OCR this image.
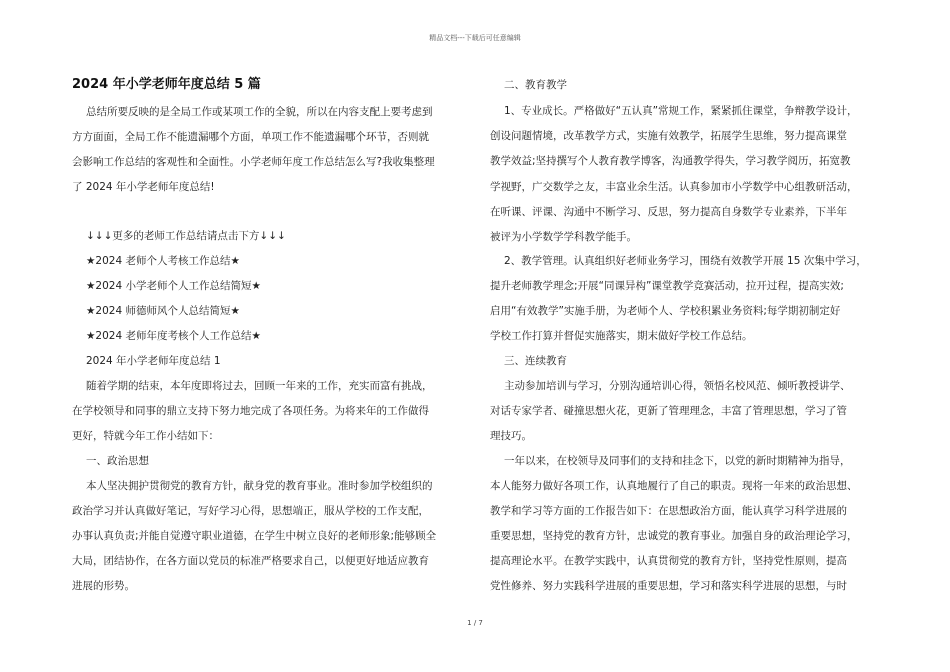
精品文档---下载后可任意编辑
2024 年小学老师年度总结 5 篇
总结所要反映的是全局工作或某项工作的全貌，所以在内容支配上要考虑到
方方面面，全局工作不能遗漏哪个方面，单项工作不能遗漏哪个环节，否则就
会影响工作总结的客观性和全面性。小学老师年度工作总结怎么写?我收集整理
了 2024 年小学老师年度总结!
↓↓↓更多的老师工作总结请点击下方↓↓↓
★2024 老师个人考核工作总结★
★2024 小学老师个人工作总结简短★
★2024 师德师风个人总结简短★
★2024 老师年度考核个人工作总结★
2024 年小学老师年度总结 1
随着学期的结束，本年度即将过去，回顾一年来的工作，充实而富有挑战，
在学校领导和同事的鼎立支持下努力地完成了各项任务。为将来年的工作做得
更好，特就今年工作小结如下：
一、政治思想
本人坚决拥护贯彻党的教育方针，献身党的教育事业。准时参加学校组织的
政治学习并认真做好笔记，写好学习心得，思想端正，服从学校的工作支配，
办事认真负责;并能自觉遵守职业道德，在学生中树立良好的老师形象;能够顾全
大局，团结协作，在各方面以党员的标准严格要求自己，以便更好地适应教育
进展的形势。
二、教育教学
1、专业成长。严格做好“五认真”常规工作，紧紧抓住课堂，争辩教学设计，
创设问题情境，改革教学方式，实施有效教学，拓展学生思维，努力提高课堂
教学效益;坚持撰写个人教育教学博客，沟通教学得失，学习教学阅历，拓宽教
学视野，广交数学之友，丰富业余生活。认真参加市小学数学中心组教研活动，
在听课、评课、沟通中不断学习、反思，努力提高自身数学专业素养，下半年
被评为小学数学学科教学能手。
2、教学管理。认真组织好老师业务学习，围绕有效教学开展 15 次集中学习，
提升老师教学理念;开展“同课异构”课堂教学竞赛活动，拉开过程，提高实效;
启用“有效教学”实施手册，为老师个人、学校积累业务资料;每学期初制定好
学校工作打算并督促实施落实，期末做好学校工作总结。
三、连续教育
主动参加培训与学习，分别沟通培训心得，领悟名校风范、倾听教授讲学、
对话专家学者、碰撞思想火花，更新了管理理念，丰富了管理思想，学习了管
理技巧。
一年以来，在校领导及同事们的支持和挂念下，以党的新时期精神为指导，
本人能努力做好各项工作，认真地履行了自己的职责。现将一年来的政治思想、
教学和学习等方面的工作报告如下：在思想政治方面，能认真学习科学进展的
重要思想，坚持党的教育方针，忠诚党的教育事业。加强自身的政治理论学习，
提高理论水平。在教学实践中，认真贯彻党的教育方针，坚持党性原则，提高
党性修养、努力实践科学进展的重要思想，学习和落实科学进展的思想，与时
1 / 7
